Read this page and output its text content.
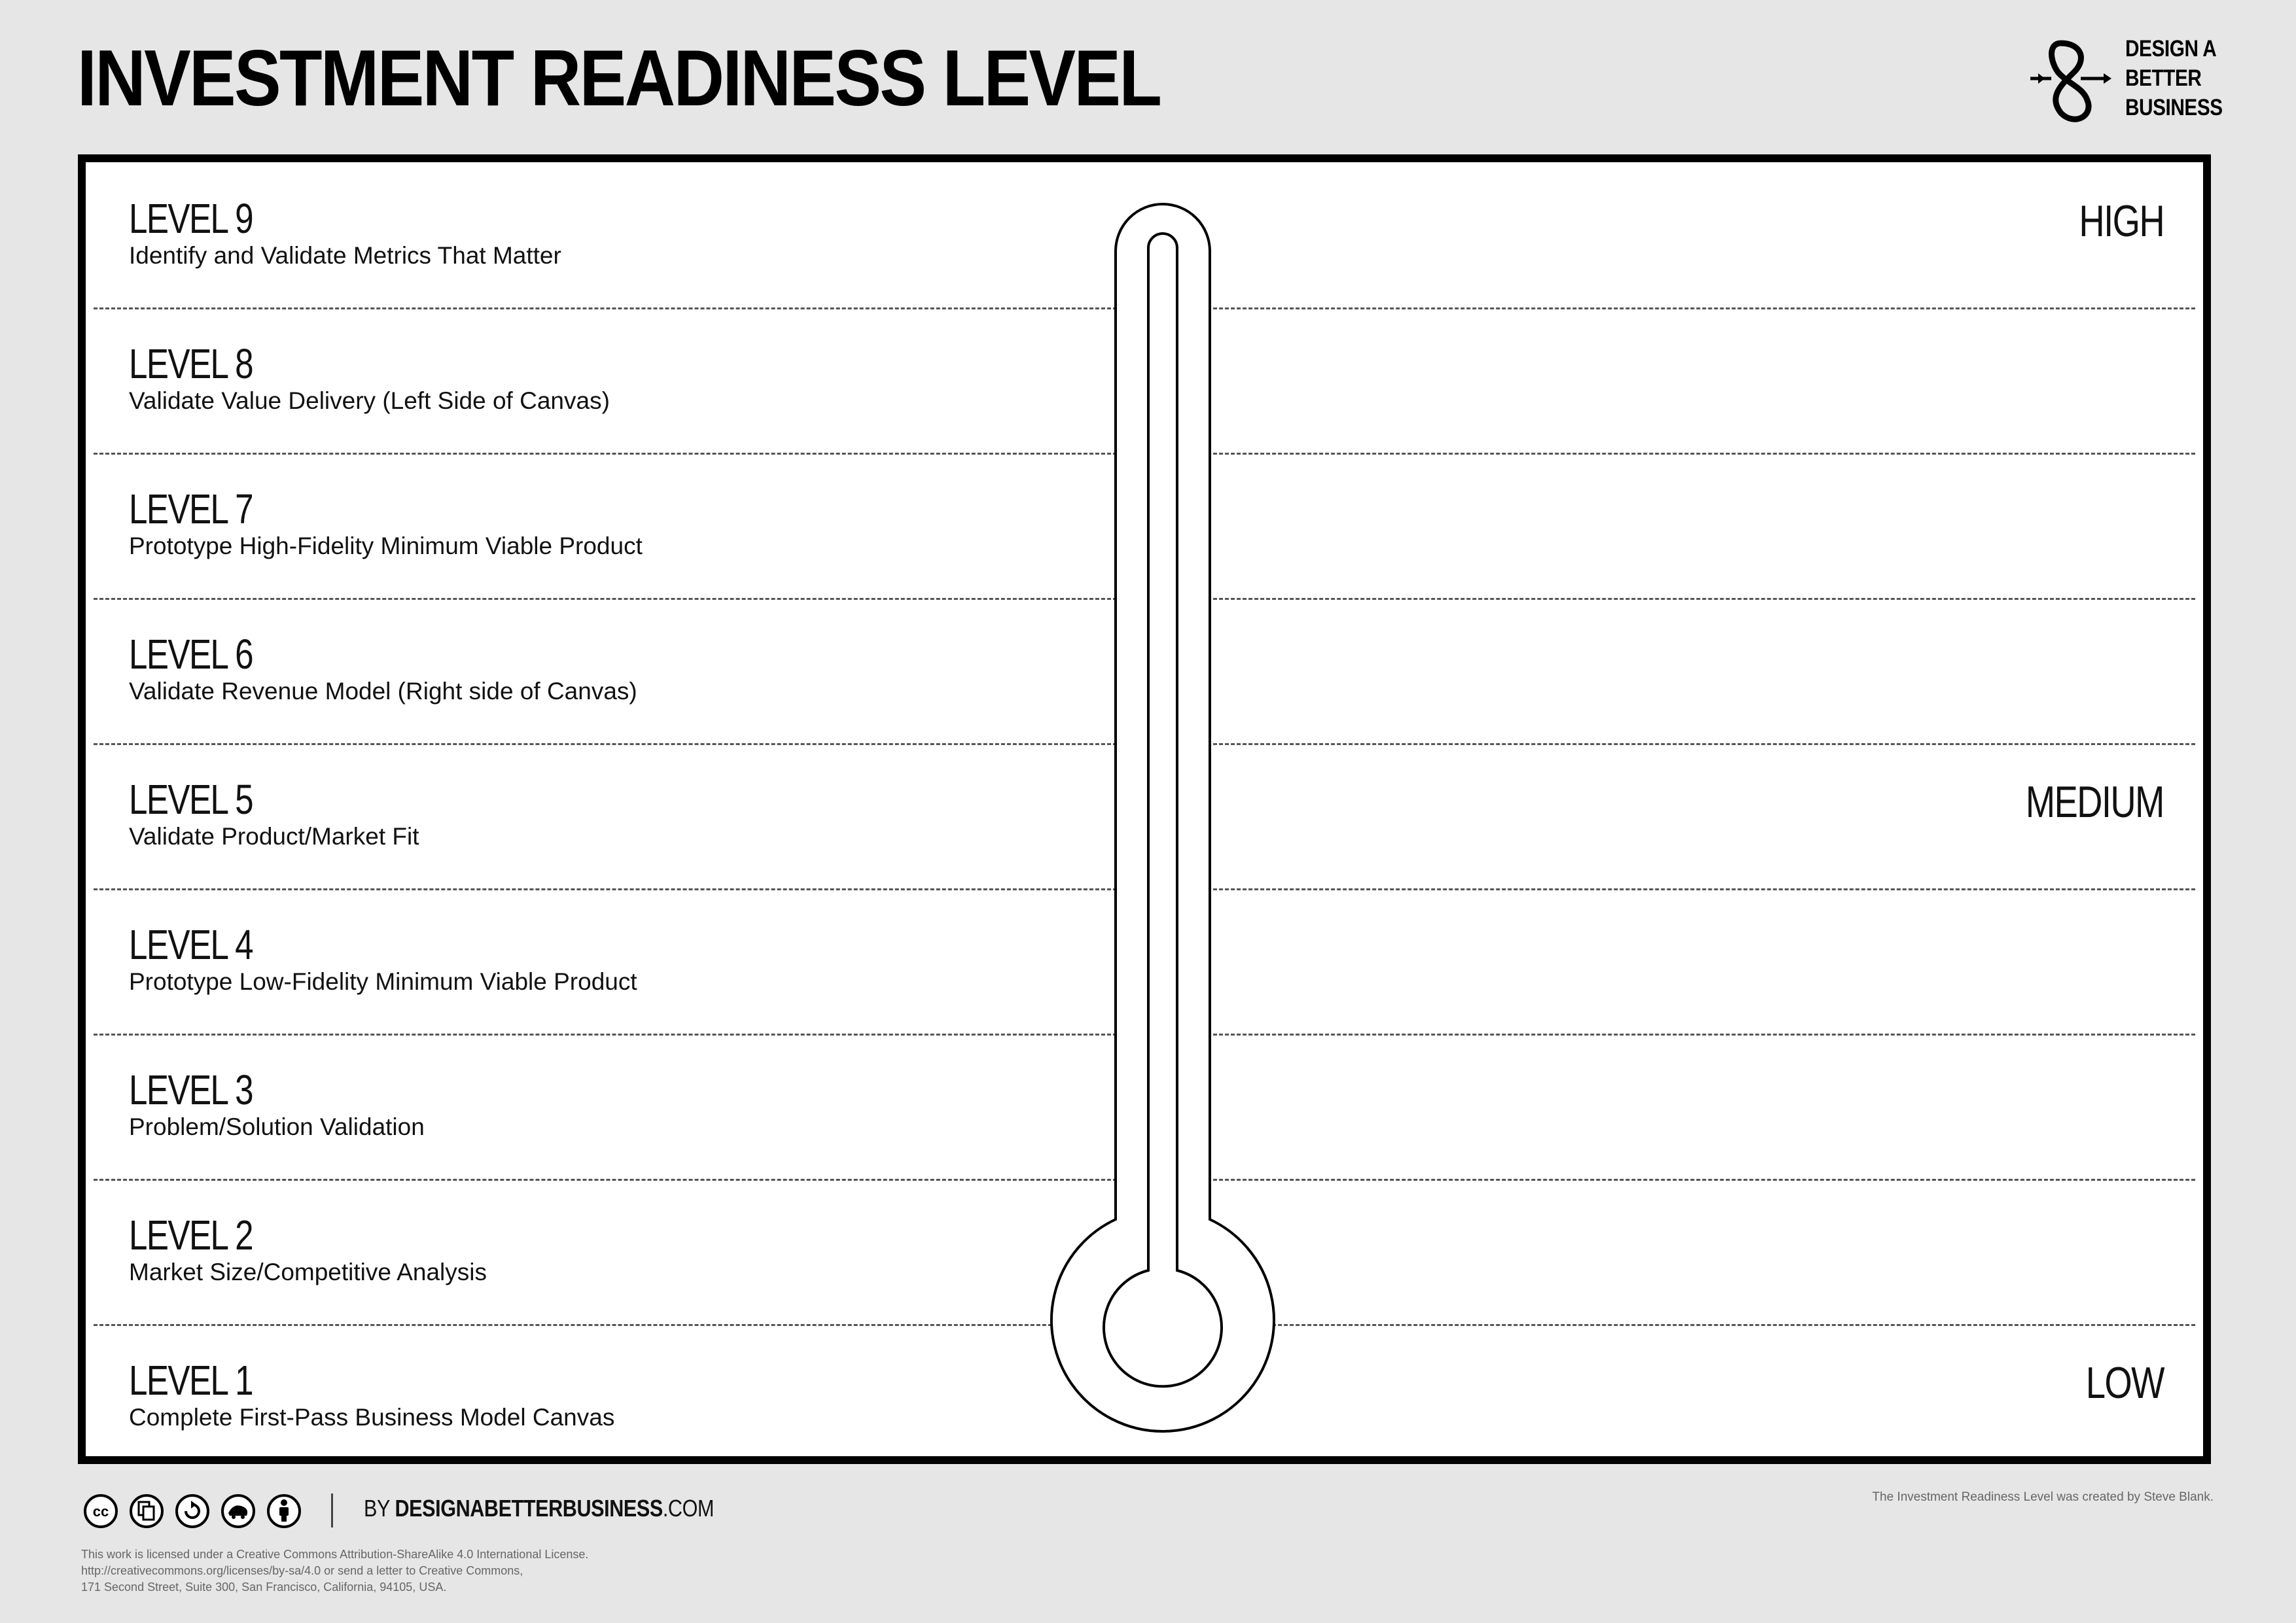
INVESTMENT READINESS LEVEL	DESIGN A
BETTER
BUSINESS
LEVEL 9
Identify and Validate Metrics That Matter
HIGH
LEVEL 8
Validate Value Delivery (Left Side of Canvas)
LEVEL 7
Prototype High-Fidelity Minimum Viable Product
LEVEL 6
Validate Revenue Model (Right side of Canvas)
LEVEL 5
Validate Product/Market Fit
MEDIUM
LEVEL 4
Prototype Low-Fidelity Minimum Viable Product
LEVEL 3
Problem/Solution Validation
LEVEL 2
Market Size/Competitive Analysis
LEVEL 1
Complete First-Pass Business Model Canvas
LOW
cc	BY DESIGNABETTERBUSINESS.COM	The Investment Readiness Level was created by Steve Blank.
This work is licensed under a Creative Commons Attribution-ShareAlike 4.0 International License.
http://creativecommons.org/licenses/by-sa/4.0 or send a letter to Creative Commons,
171 Second Street, Suite 300, San Francisco, California, 94105, USA.
